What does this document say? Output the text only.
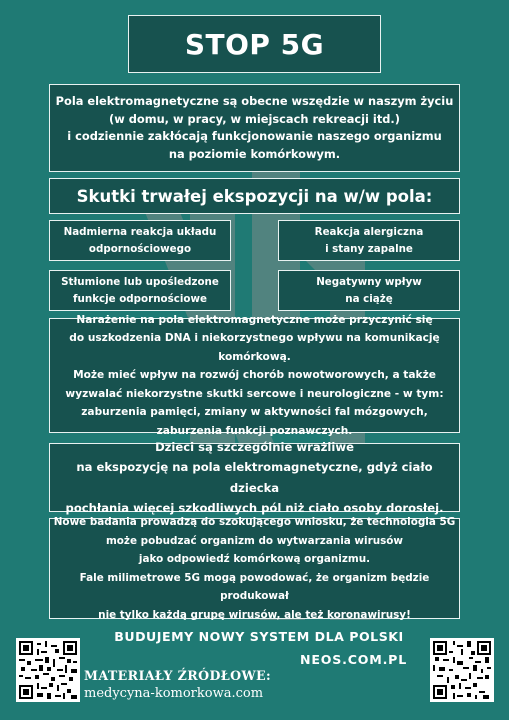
STOP 5G
Pola elektromagnetyczne są obecne wszędzie w naszym życiu
(w domu, w pracy, w miejscach rekreacji itd.)
i codziennie zakłócają funkcjonowanie naszego organizmu
na poziomie komórkowym.
Skutki trwałej ekspozycji na w/w pola:
Nadmierna reakcja układu
odpornościowego
Reakcja alergiczna
i stany zapalne
Stłumione lub upośledzone
funkcje odpornościowe
Negatywny wpływ
na ciążę
Narażenie na pola elektromagnetyczne może przyczynić się
do uszkodzenia DNA i niekorzystnego wpływu na komunikację komórkową.
Może mieć wpływ na rozwój chorób nowotworowych, a także
wyzwalać niekorzystne skutki sercowe i neurologiczne - w tym:
zaburzenia pamięci, zmiany w aktywności fal mózgowych,
zaburzenia funkcji poznawczych.
Dzieci są szczególnie wrażliwe
na ekspozycję na pola elektromagnetyczne, gdyż ciało dziecka
pochłania więcej szkodliwych pól niż ciało osoby dorosłej.
Nowe badania prowadzą do szokującego wniosku, że technologia 5G
może pobudzać organizm do wytwarzania wirusów
jako odpowiedź komórkową organizmu.
Fale milimetrowe 5G mogą powodować, że organizm będzie produkował
nie tylko każdą grupę wirusów, ale też koronawirusy!
BUDUJEMY NOWY SYSTEM DLA POLSKI
NEOS.COM.PL
MATERIAŁY ŹRÓDŁOWE:
medycyna-komorkowa.com
